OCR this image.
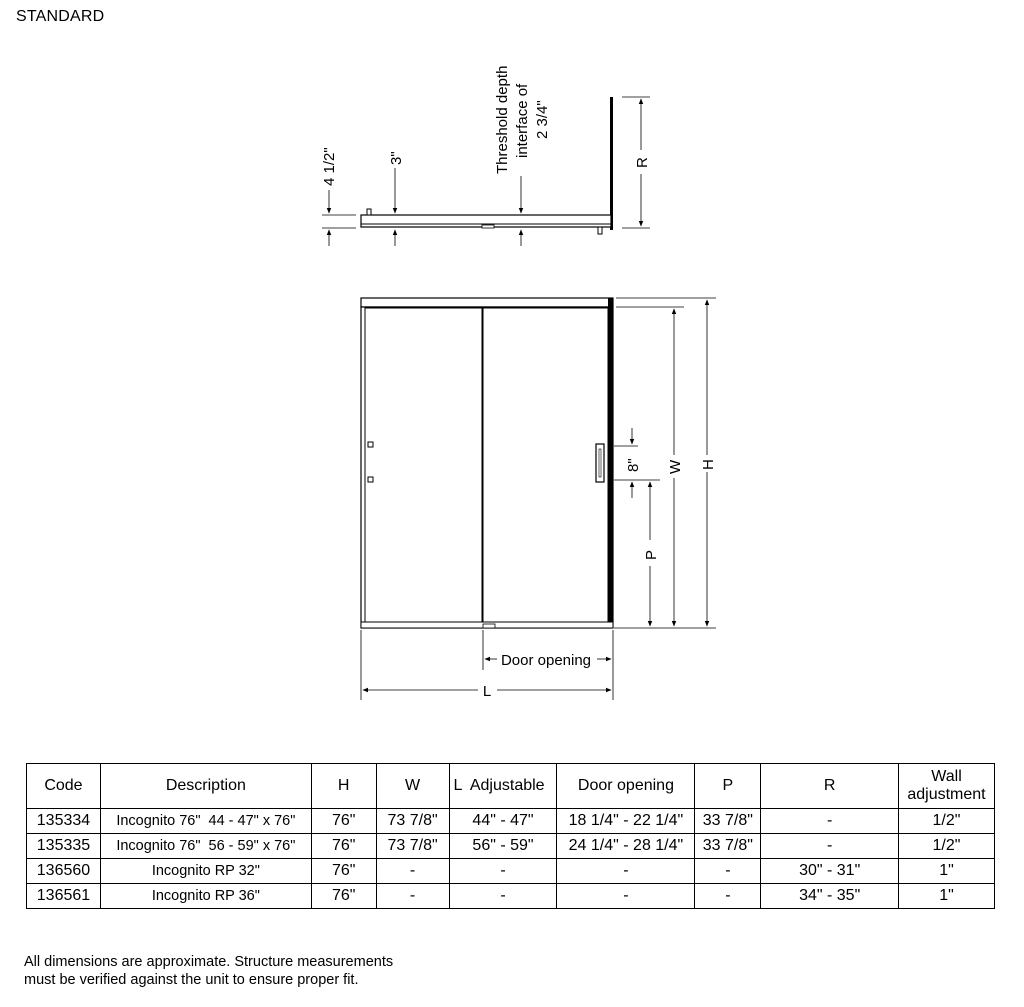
STANDARD
4 1/2"	3"	Threshold depth interface of 2 3/4"
R
8"
P
W H
Door opening
L
Code	Description	H	W	L  Adjustable	Door opening	P	R	Wall
adjustment

135334	Incognito 76"  44 - 47" x 76"	76"	73 7/8"	44" - 47"	18 1/4" - 22 1/4"	33 7/8"	-	1/2"
135335	Incognito 76"  56 - 59" x 76"	76"	73 7/8"	56" - 59"	24 1/4" - 28 1/4"	33 7/8"	-	1/2"
136560	Incognito RP 32"	76"	-	-	-	-	30" - 31"	1"
136561	Incognito RP 36"	76"	-	-	-	-	34" - 35"	1"
All dimensions are approximate. Structure measurements
must be verified against the unit to ensure proper fit.
